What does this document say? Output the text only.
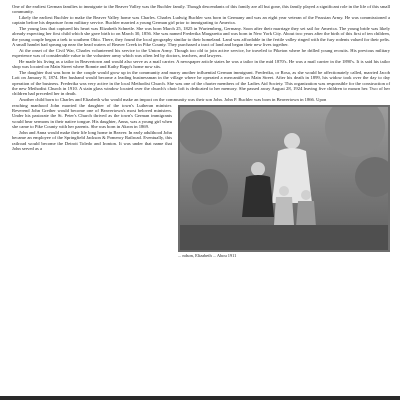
One of the earliest German families to immigrate to the Beaver Valley was the Buchler family. Though descendants of this family are all but gone, this family played a significant role in the life of this small community.

Likely the earliest Buchler to make the Beaver Valley home was Charles. Charles Ludwig Buchler was born in Germany and was an eight year veteran of the Prussian Army. He was commissioned a captain before his departure from military service. Buchler married a young German girl prior to immigrating to America.

The young lass that captured his heart was Elizabeth Schnetle. She was born March 25, 1825 in Wurtemberg, Germany. Soon after their marriage they set sail for America. The young bride was likely already expecting her first child which she gave birth to on March 30, 1856. She was named Frederika Margaretta and was born in New York City. About two years after the birth of this first of ten children, the young couple began a trek to southern Ohio. There, they found the local geography similar to their homeland. Land was affordable in the fertile valley ringed with the fury rodents valued for their pelts. A small hamlet had sprung up near the head waters of Beaver Creek in Pike County. They purchased a tract of land and began their new lives together.

At the onset of the Civil War, Charles volunteered his service to the Union Army. Though too old to join active service, he traveled to Piketon where he drilled young recruits. His previous military experience was of considerable value to the volunteer army which was often led by doctors, teachers, and lawyers.

He made his living as a tailor in Beavertown and would also serve as a mail carrier. A newspaper article states he was a tailor in the mid 1870's. He was a mail carrier in the 1890's. It is said his tailor shop was located on Main Street where Ronnie and Kathy Rapp's home now sits.

The daughter that was born to the couple would grow up in the community and marry another influential German immigrant. Frederika, or Rosa, as she would be affectionately called, married Jacob Lott on January 8, 1874. Her husband would become a leading businessman in the village where he operated a mercantile on Main Street. After his death in 1899, his widow took over the day to day operation of the business. Frederika was very active in the local Methodist Church. She was one of the charter members of the Ladies Aid Society. This organization was responsible for the construction of the new Methodist Church in 1910. A stain glass window located over the church's choir loft is dedicated to her memory. She passed away August 28, 1924 leaving five children to mourn her. Two of her children had preceded her in death.

Another child born to Charles and Elizabeth who would make an impact on the community was their son John. John P. Buchler was born in Beavertown in 1866. Upon

reaching manhood John married the daughter of the town's Lutheran minister. Reverend John Grether would become one of Beavertown's most beloved ministers. Under his pastorate the St. Peter's Church thrived as the town's German immigrants would hear sermons in their native tongue. His daughter, Anna, was a young girl when she came to Pike County with her parents. She was born in Akron in 1869.

John and Anna would make their life long home in Beaver. In early adulthood John became an employee of the Springfield Jackson & Pomeroy Railroad. Eventually, this railroad would become the Detroit Toledo and Ironton. It was under that name that John served as a

... ndson, Elizabeth ... Abou 1911
